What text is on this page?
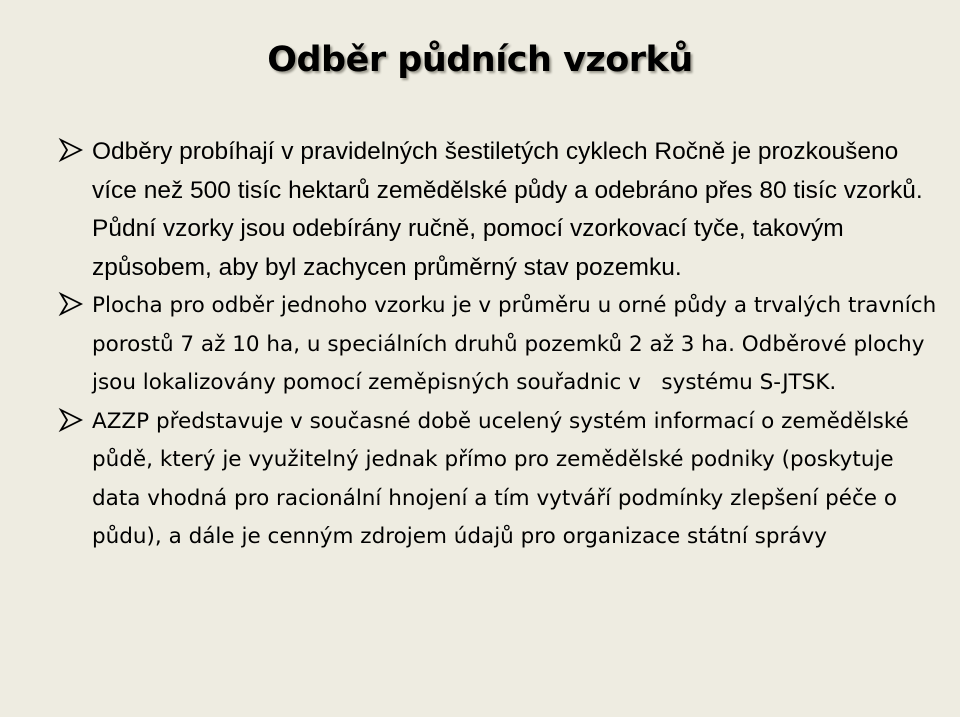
Odběr půdních vzorků

Odběry probíhají v pravidelných šestiletých cyklech Ročně je prozkoušeno více než 500 tisíc hektarů zemědělské půdy a odebráno přes 80 tisíc vzorků. Půdní vzorky jsou odebírány ručně, pomocí vzorkovací tyče, takovým způsobem, aby byl zachycen průměrný stav pozemku.

Plocha pro odběr jednoho vzorku je v průměru u orné půdy a trvalých travních porostů 7 až 10 ha, u speciálních druhů pozemků 2 až 3 ha. Odběrové plochy jsou lokalizovány pomocí zeměpisných souřadnic v   systému S-JTSK.

AZZP představuje v současné době ucelený systém informací o zemědělské půdě, který je využitelný jednak přímo pro zemědělské podniky (poskytuje data vhodná pro racionální hnojení a tím vytváří podmínky zlepšení péče o půdu), a dále je cenným zdrojem údajů pro organizace státní správy
